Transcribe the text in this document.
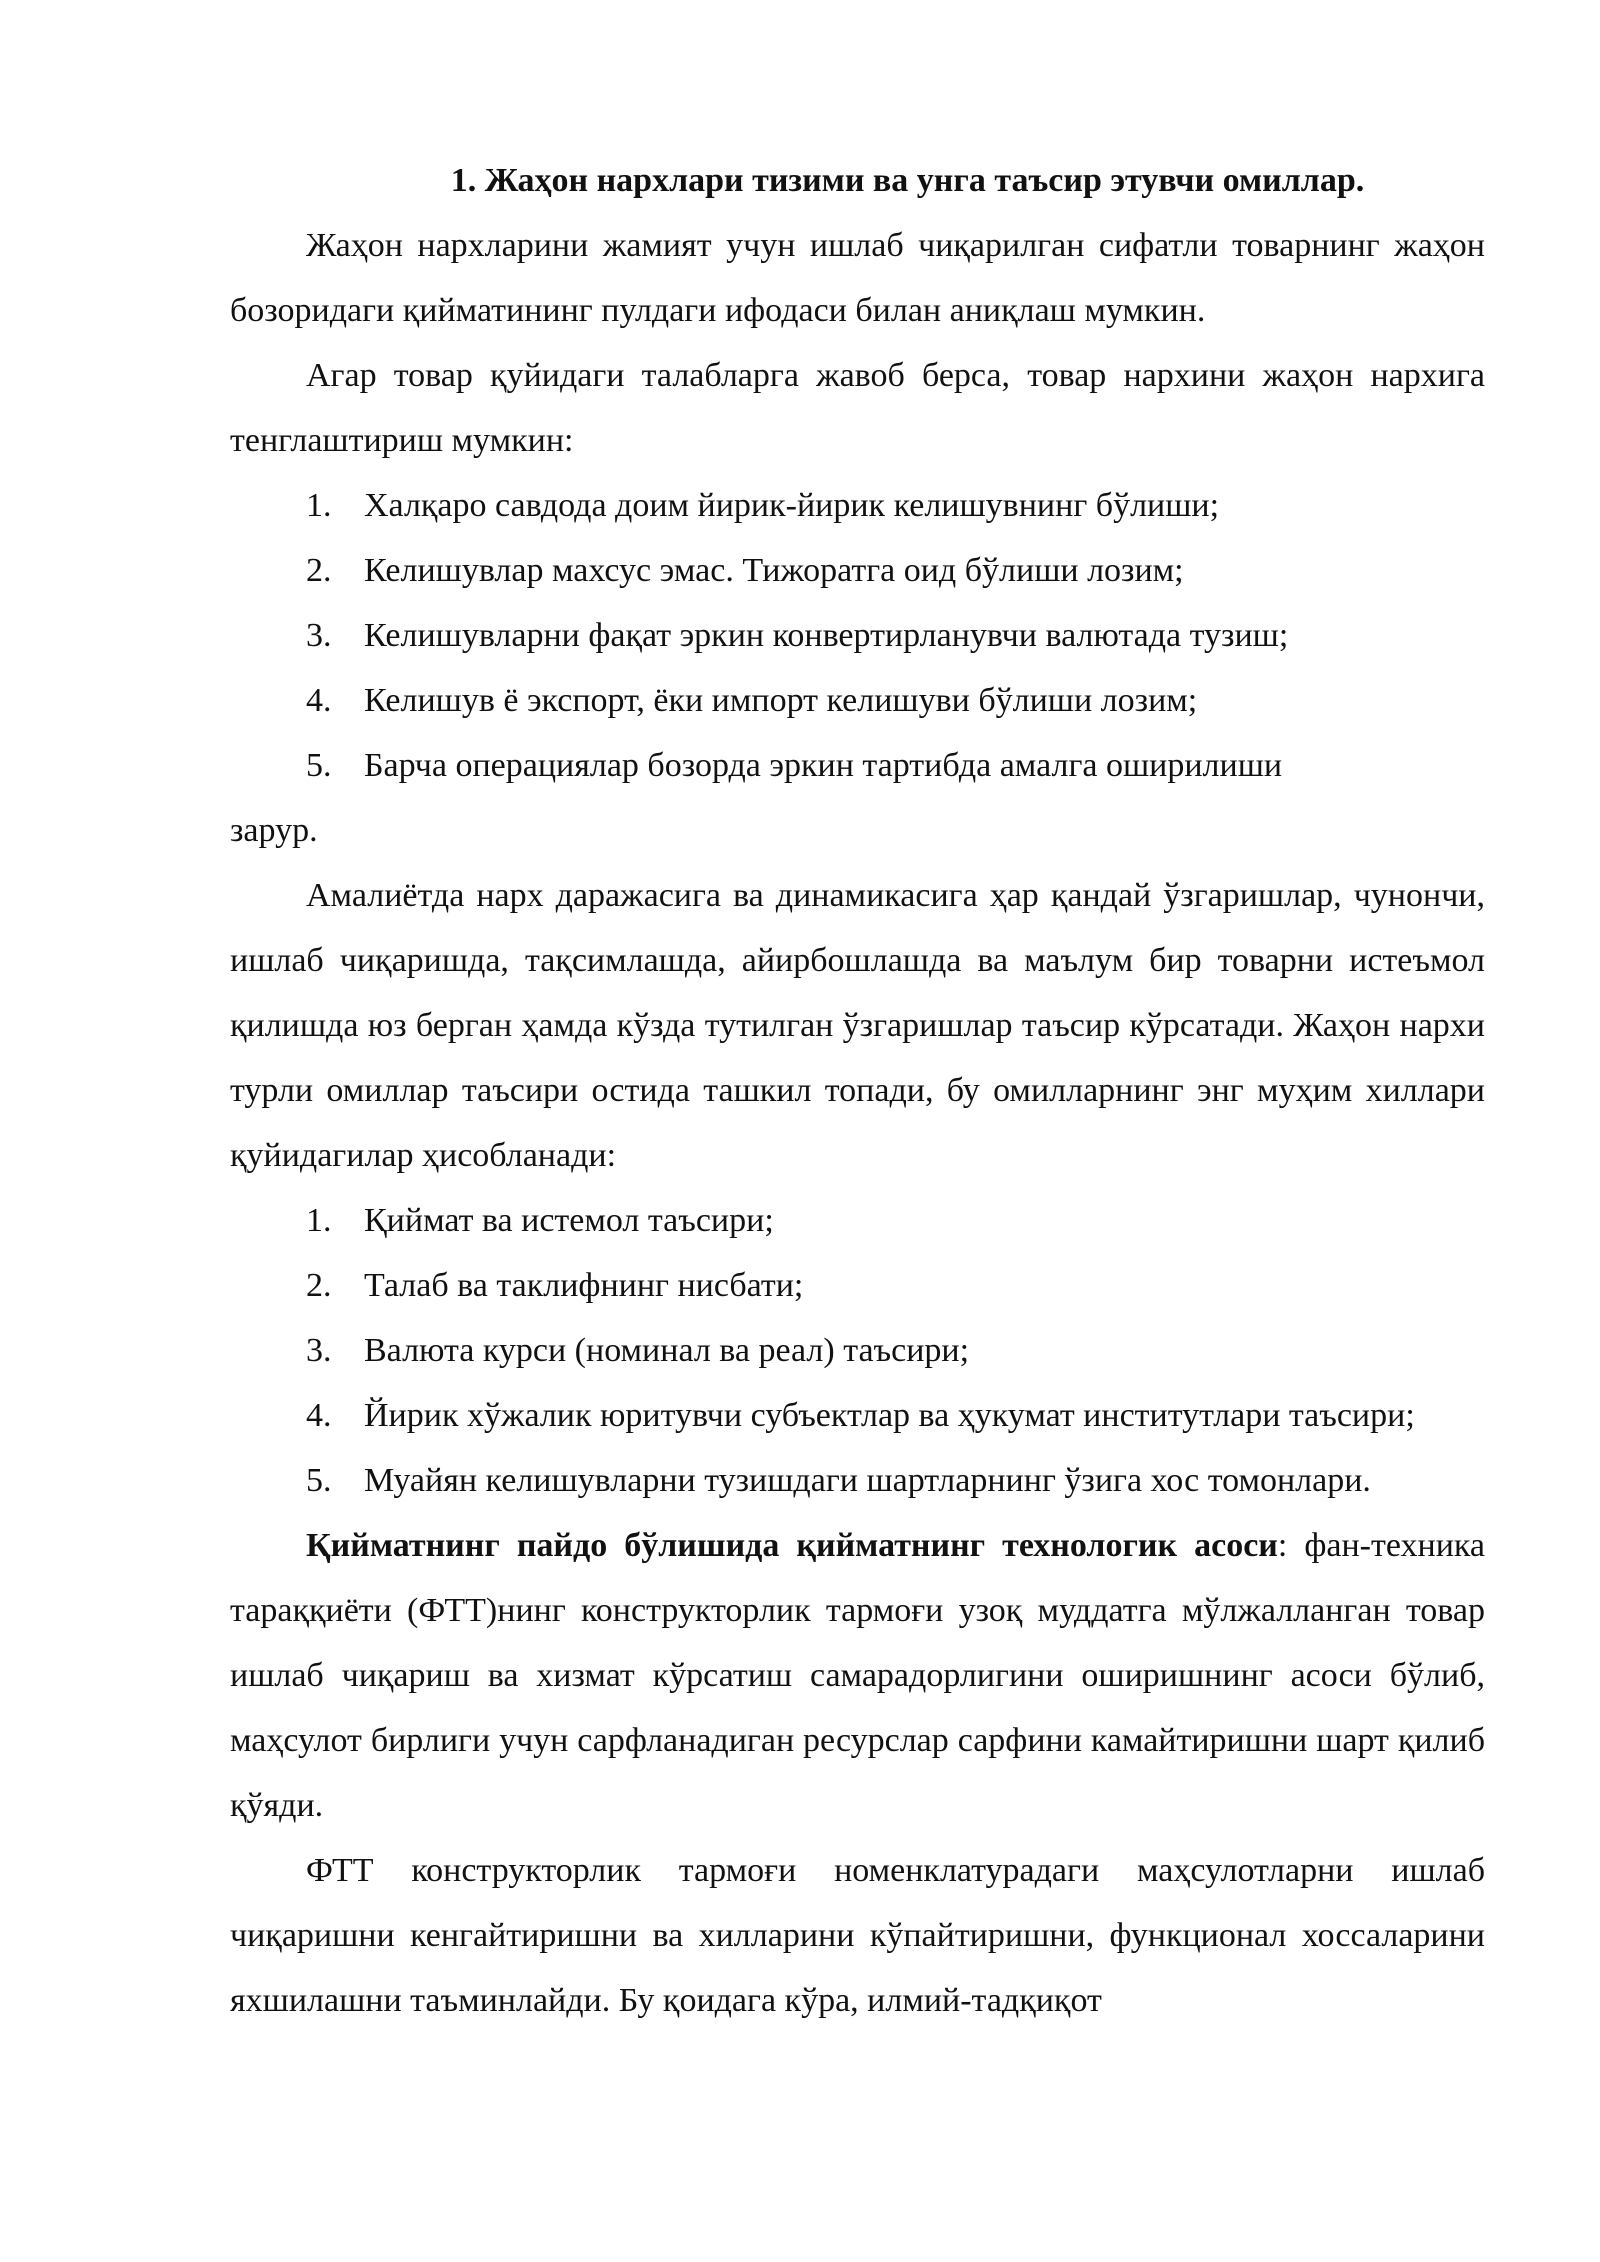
1. Жаҳон нархлари тизими ва унга таъсир этувчи омиллар.

Жаҳон нархларини жамият учун ишлаб чиқарилган сифатли товарнинг жаҳон бозоридаги қийматининг пулдаги ифодаси билан аниқлаш мумкин.

Агар товар қуйидаги талабларга жавоб берса, товар нархини жаҳон нархига тенглаштириш мумкин:

1. Халқаро савдода доим йирик-йирик келишувнинг бўлиши;

2. Келишувлар махсус эмас. Тижоратга оид бўлиши лозим;

3. Келишувларни фақат эркин конвертирланувчи валютада тузиш;

4. Келишув ё экспорт, ёки импорт келишуви бўлиши лозим;

5. Барча операциялар бозорда эркин тартибда амалга оширилиши

зарур.

Амалиётда нарх даражасига ва динамикасига ҳар қандай ўзгаришлар, чунончи, ишлаб чиқаришда, тақсимлашда, айирбошлашда ва маълум бир товарни истеъмол қилишда юз берган ҳамда кўзда тутилган ўзгаришлар таъсир кўрсатади. Жаҳон нархи турли омиллар таъсири остида ташкил топади, бу омилларнинг энг муҳим хиллари қуйидагилар ҳисобланади:

1. Қиймат ва истемол таъсири;

2. Талаб ва таклифнинг нисбати;

3. Валюта курси (номинал ва реал) таъсири;

4. Йирик хўжалик юритувчи субъектлар ва ҳукумат институтлари таъсири;

5. Муайян келишувларни тузишдаги шартларнинг ўзига хос томонлари.

Қийматнинг пайдо бўлишида қийматнинг технологик асоси: фан-техника тараққиёти (ФТТ)нинг конструкторлик тармоғи узоқ муддатга мўлжалланган товар ишлаб чиқариш ва хизмат кўрсатиш самарадорлигини оширишнинг асоси бўлиб, маҳсулот бирлиги учун сарфланадиган ресурслар сарфини камайтиришни шарт қилиб қўяди.

ФТТ конструкторлик тармоғи номенклатурадаги маҳсулотларни ишлаб чиқаришни кенгайтиришни ва хилларини кўпайтиришни, функционал хоссаларини яхшилашни таъминлайди. Бу қоидага кўра, илмий-тадқиқот
